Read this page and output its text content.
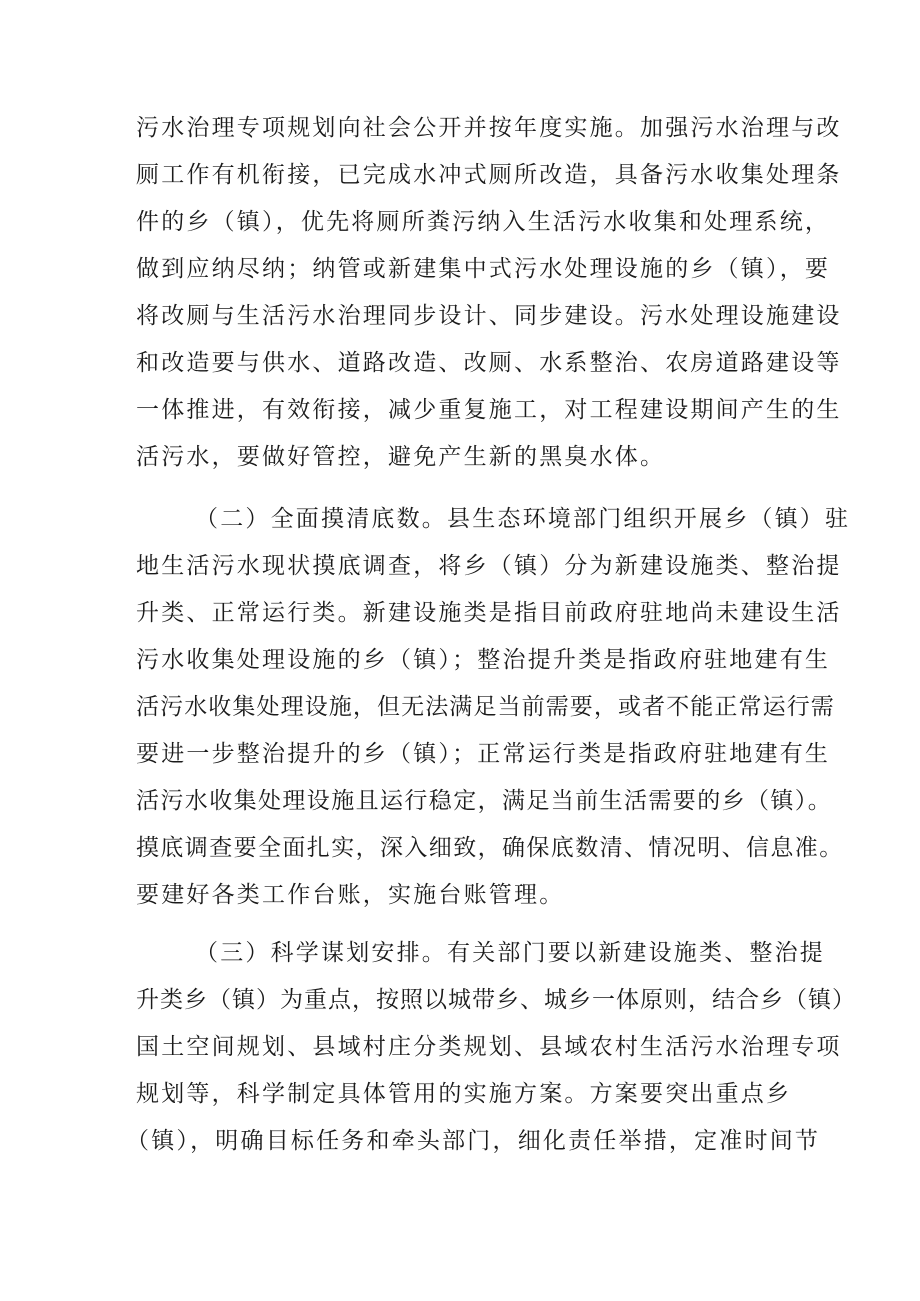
污水治理专项规划向社会公开并按年度实施。加强污水治理与改
厕工作有机衔接，已完成水冲式厕所改造，具备污水收集处理条
件的乡（镇），优先将厕所粪污纳入生活污水收集和处理系统，
做到应纳尽纳；纳管或新建集中式污水处理设施的乡（镇），要
将改厕与生活污水治理同步设计、同步建设。污水处理设施建设
和改造要与供水、道路改造、改厕、水系整治、农房道路建设等
一体推进，有效衔接，减少重复施工，对工程建设期间产生的生
活污水，要做好管控，避免产生新的黑臭水体。
（二）全面摸清底数。县生态环境部门组织开展乡（镇）驻
地生活污水现状摸底调查，将乡（镇）分为新建设施类、整治提
升类、正常运行类。新建设施类是指目前政府驻地尚未建设生活
污水收集处理设施的乡（镇）；整治提升类是指政府驻地建有生
活污水收集处理设施，但无法满足当前需要，或者不能正常运行需
要进一步整治提升的乡（镇）；正常运行类是指政府驻地建有生
活污水收集处理设施且运行稳定，满足当前生活需要的乡（镇）。
摸底调查要全面扎实，深入细致，确保底数清、情况明、信息准。
要建好各类工作台账，实施台账管理。
（三）科学谋划安排。有关部门要以新建设施类、整治提
升类乡（镇）为重点，按照以城带乡、城乡一体原则，结合乡（镇）
国土空间规划、县域村庄分类规划、县域农村生活污水治理专项
规划等，科学制定具体管用的实施方案。方案要突出重点乡
（镇），明确目标任务和牵头部门，细化责任举措，定准时间节
